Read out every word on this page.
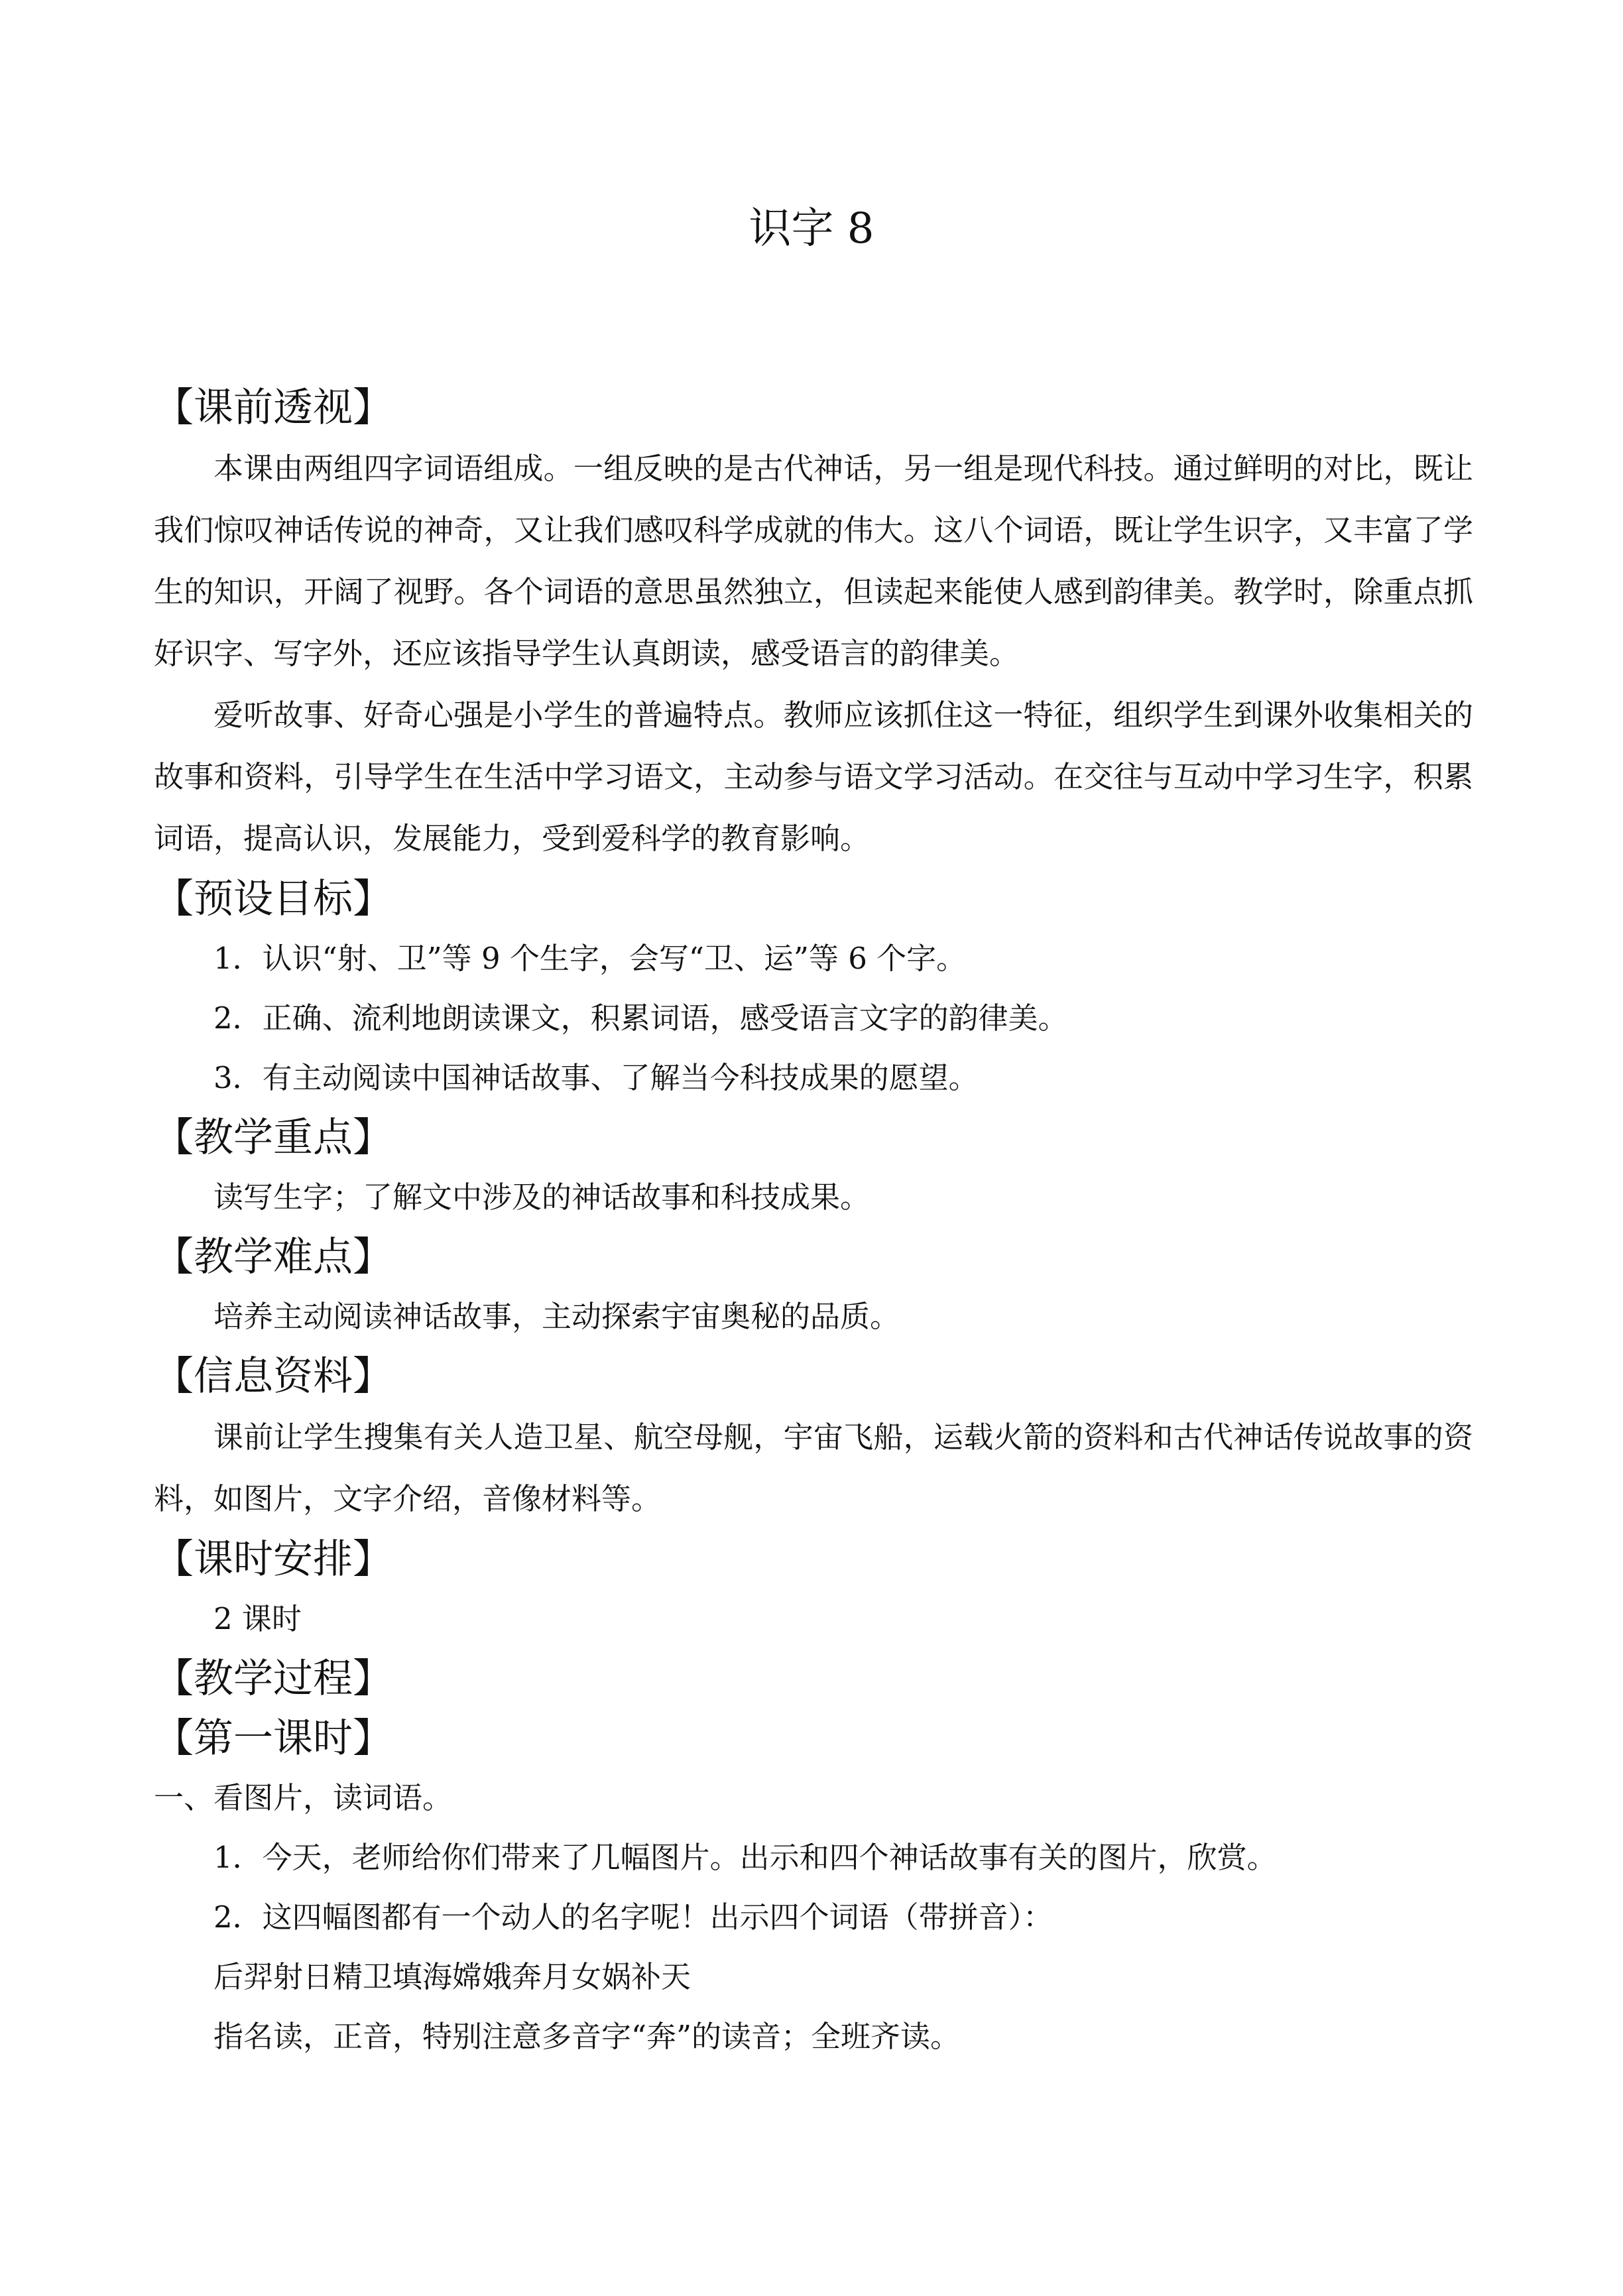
识字 8

【课前透视】

本课由两组四字词语组成。一组反映的是古代神话，另一组是现代科技。通过鲜明的对比，既让我们惊叹神话传说的神奇，又让我们感叹科学成就的伟大。这八个词语，既让学生识字，又丰富了学生的知识，开阔了视野。各个词语的意思虽然独立，但读起来能使人感到韵律美。教学时，除重点抓好识字、写字外，还应该指导学生认真朗读，感受语言的韵律美。

爱听故事、好奇心强是小学生的普遍特点。教师应该抓住这一特征，组织学生到课外收集相关的故事和资料，引导学生在生活中学习语文，主动参与语文学习活动。在交往与互动中学习生字，积累词语，提高认识，发展能力，受到爱科学的教育影响。

【预设目标】

1．认识“射、卫”等 9 个生字，会写“卫、运”等 6 个字。

2．正确、流利地朗读课文，积累词语，感受语言文字的韵律美。

3．有主动阅读中国神话故事、了解当今科技成果的愿望。

【教学重点】

读写生字；了解文中涉及的神话故事和科技成果。

【教学难点】

培养主动阅读神话故事，主动探索宇宙奥秘的品质。

【信息资料】

课前让学生搜集有关人造卫星、航空母舰，宇宙飞船，运载火箭的资料和古代神话传说故事的资料，如图片，文字介绍，音像材料等。

【课时安排】

2 课时

【教学过程】

【第一课时】

一、看图片，读词语。

1．今天，老师给你们带来了几幅图片。出示和四个神话故事有关的图片，欣赏。

2．这四幅图都有一个动人的名字呢！出示四个词语（带拼音）：

后羿射日精卫填海嫦娥奔月女娲补天

指名读，正音，特别注意多音字“奔”的读音；全班齐读。
